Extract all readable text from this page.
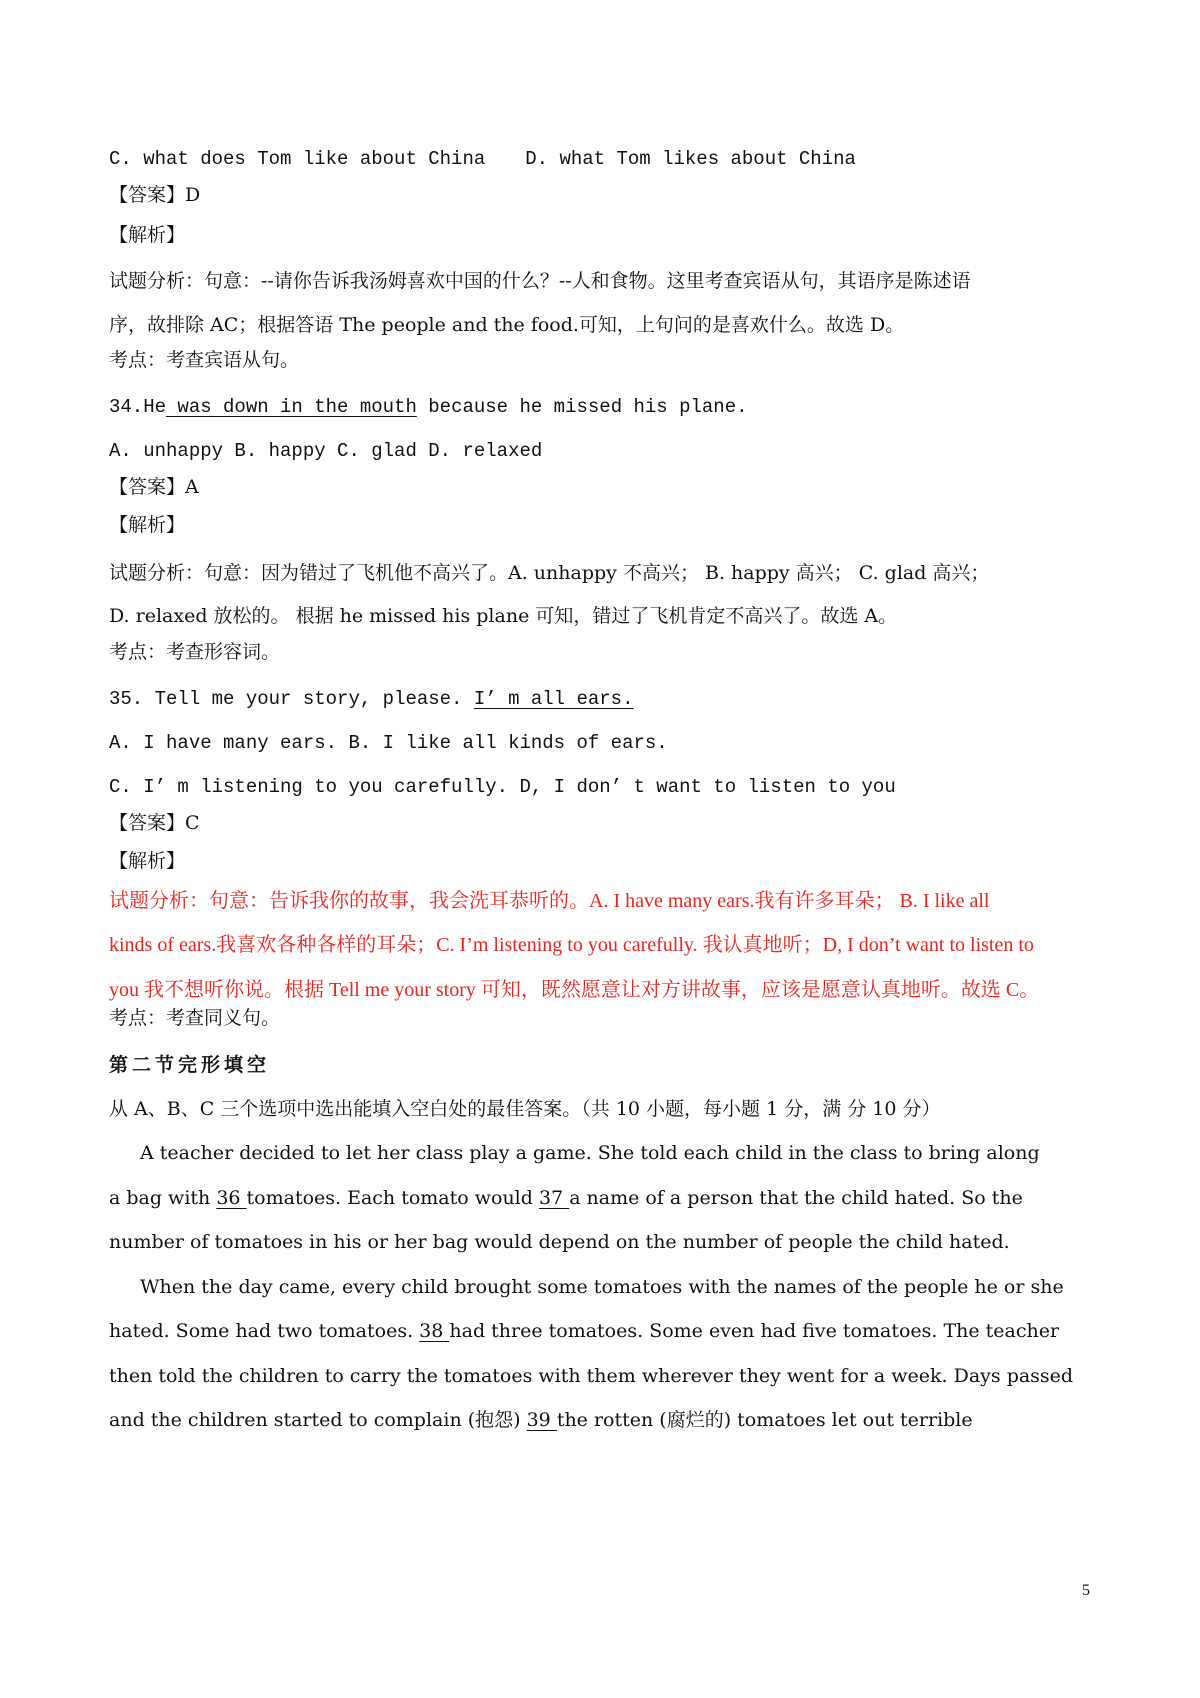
C. what does Tom like about China D. what Tom likes about China

【答案】D

【解析】

试题分析：句意：--请你告诉我汤姆喜欢中国的什么？--人和食物。这里考查宾语从句，其语序是陈述语

序，故排除 AC；根据答语 The people and the food.可知，上句问的是喜欢什么。故选 D。

考点：考查宾语从句。

34.He was down in the mouth because he missed his plane.

A. unhappy B. happy C. glad D. relaxed

【答案】A

【解析】

试题分析：句意：因为错过了飞机他不高兴了。A. unhappy 不高兴； B. happy 高兴； C. glad 高兴；

D. relaxed 放松的。 根据 he missed his plane 可知，错过了飞机肯定不高兴了。故选 A。

考点：考查形容词。

35. Tell me your story, please. I’ m all ears.

A. I have many ears. B. I like all kinds of ears.

C. I’ m listening to you carefully. D, I don’ t want to listen to you

【答案】C

【解析】

试题分析：句意：告诉我你的故事，我会洗耳恭听的。A. I have many ears.我有许多耳朵； B. I like all

kinds of ears.我喜欢各种各样的耳朵；C. I’m listening to you carefully. 我认真地听；D, I don’t want to listen to

you 我不想听你说。根据 Tell me your story 可知，既然愿意让对方讲故事，应该是愿意认真地听。故选 C。

考点：考查同义句。

第二节完形填空

从 A、B、C 三个选项中选出能填入空白处的最佳答案。（共 10 小题，每小题 1 分，满 分 10 分）

A teacher decided to let her class play a game. She told each child in the class to bring along

a bag with 36 tomatoes. Each tomato would 37 a name of a person that the child hated. So the

number of tomatoes in his or her bag would depend on the number of people the child hated.

When the day came, every child brought some tomatoes with the names of the people he or she

hated. Some had two tomatoes. 38 had three tomatoes. Some even had five tomatoes. The teacher

then told the children to carry the tomatoes with them wherever they went for a week. Days passed

and the children started to complain (抱怨) 39 the rotten (腐烂的) tomatoes let out terrible

5
